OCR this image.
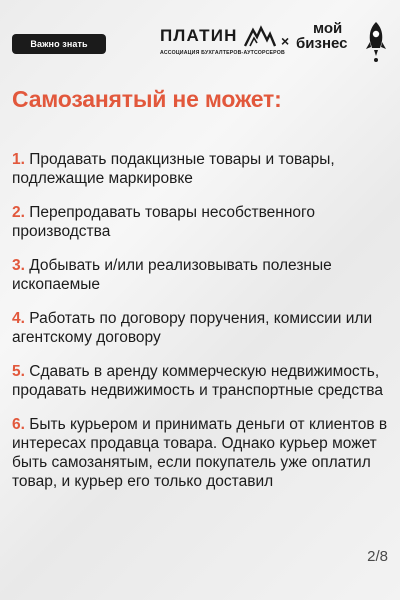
Важно знать	ПЛАТИН
АССОЦИАЦИЯ БУХГАЛТЕРОВ-АУТСОРСЕРОВ
×
мой
бизнес
Самозанятый не может:

1. Продавать подакцизные товары и товары, подлежащие маркировке

2. Перепродавать товары несобственного производства

3. Добывать и/или реализовывать полезные ископаемые

4. Работать по договору поручения, комиссии или агентскому договору

5. Сдавать в аренду коммерческую недвижимость, продавать недвижимость и транспортные средства

6. Быть курьером и принимать деньги от клиентов в интересах продавца товара. Однако курьер может быть самозанятым, если покупатель уже оплатил товар, и курьер его только доставил

2/8
